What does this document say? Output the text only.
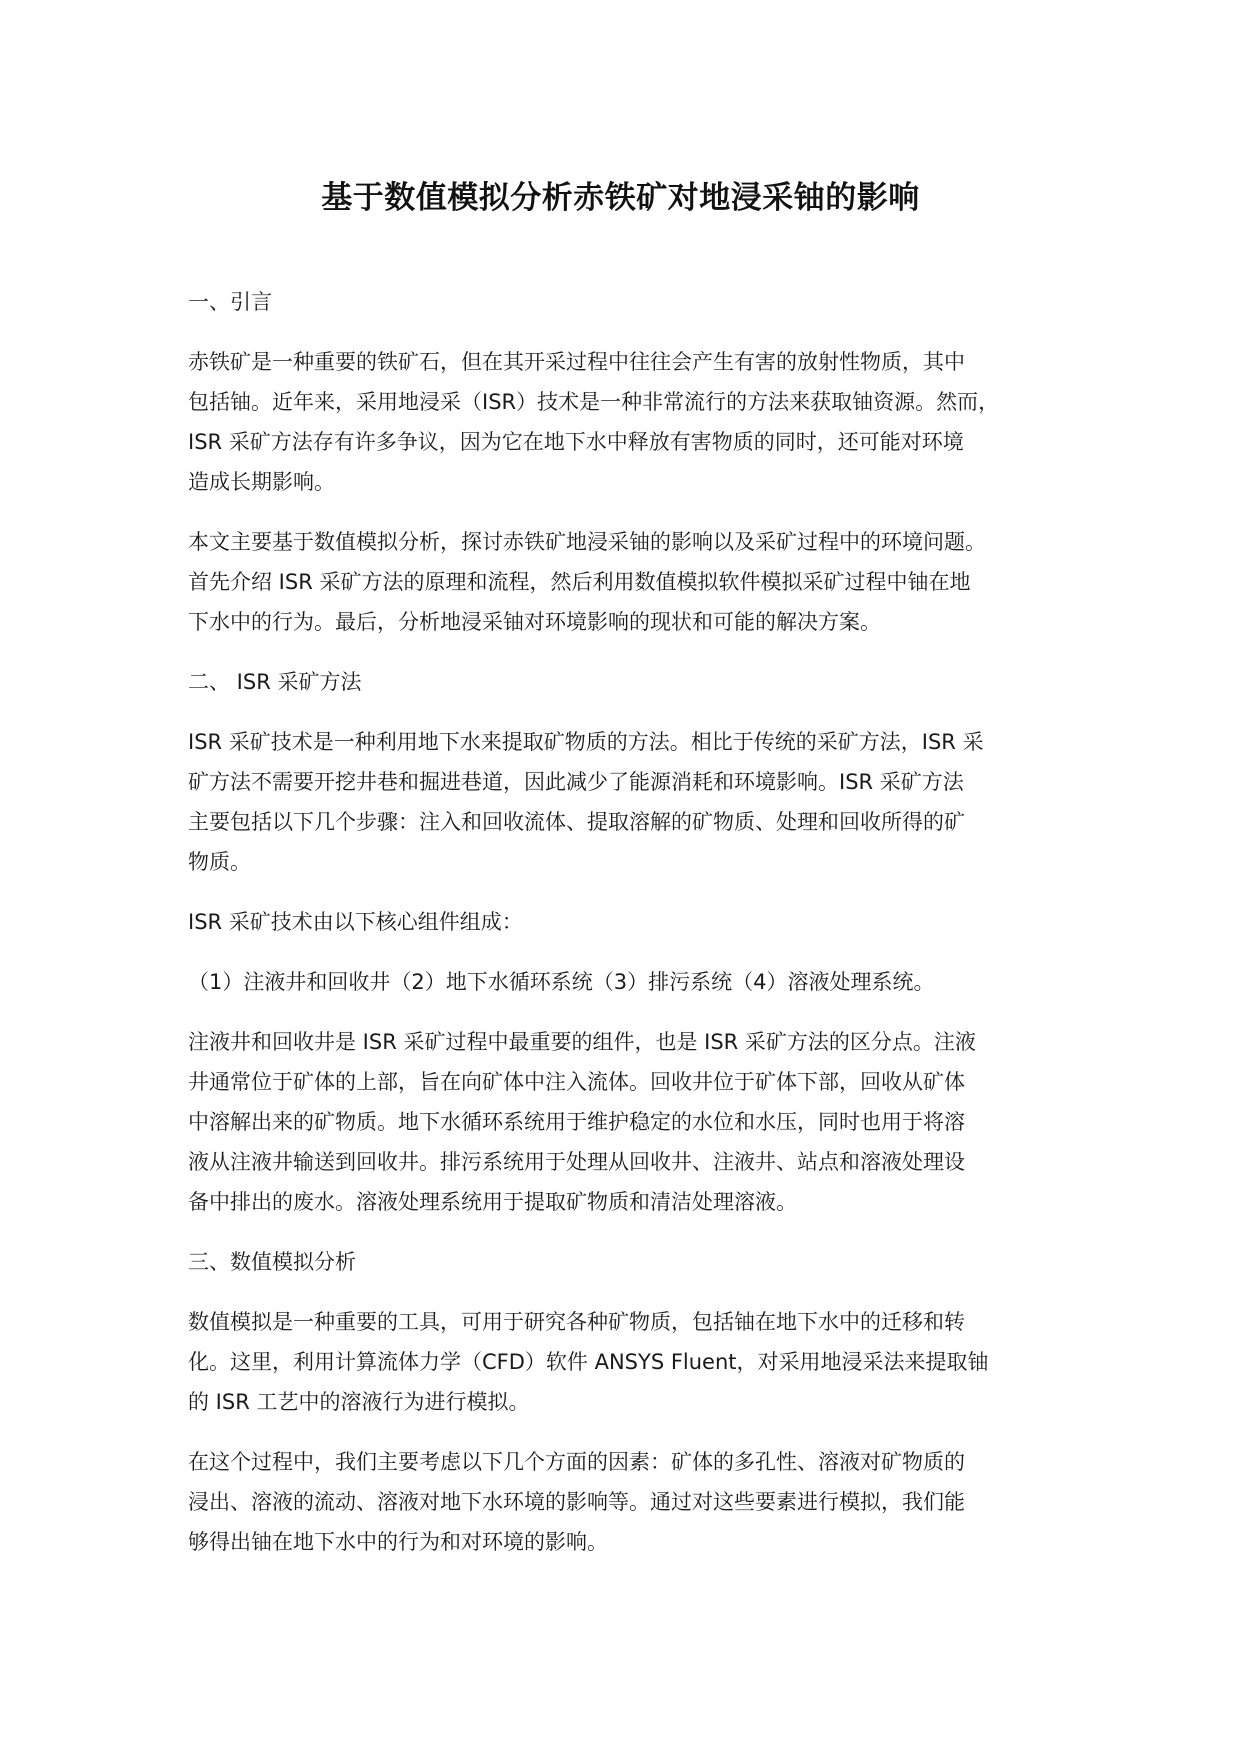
基于数值模拟分析赤铁矿对地浸采铀的影响
一、引言

赤铁矿是一种重要的铁矿石，但在其开采过程中往往会产生有害的放射性物质，其中
包括铀。近年来，采用地浸采（ISR）技术是一种非常流行的方法来获取铀资源。然而，
ISR 采矿方法存有许多争议，因为它在地下水中释放有害物质的同时，还可能对环境
造成长期影响。

本文主要基于数值模拟分析，探讨赤铁矿地浸采铀的影响以及采矿过程中的环境问题。
首先介绍 ISR 采矿方法的原理和流程，然后利用数值模拟软件模拟采矿过程中铀在地
下水中的行为。最后，分析地浸采铀对环境影响的现状和可能的解决方案。

二、 ISR 采矿方法

ISR 采矿技术是一种利用地下水来提取矿物质的方法。相比于传统的采矿方法，ISR 采
矿方法不需要开挖井巷和掘进巷道，因此减少了能源消耗和环境影响。ISR 采矿方法
主要包括以下几个步骤：注入和回收流体、提取溶解的矿物质、处理和回收所得的矿
物质。

ISR 采矿技术由以下核心组件组成：

（1）注液井和回收井（2）地下水循环系统（3）排污系统（4）溶液处理系统。

注液井和回收井是 ISR 采矿过程中最重要的组件，也是 ISR 采矿方法的区分点。注液
井通常位于矿体的上部，旨在向矿体中注入流体。回收井位于矿体下部，回收从矿体
中溶解出来的矿物质。地下水循环系统用于维护稳定的水位和水压，同时也用于将溶
液从注液井输送到回收井。排污系统用于处理从回收井、注液井、站点和溶液处理设
备中排出的废水。溶液处理系统用于提取矿物质和清洁处理溶液。

三、数值模拟分析

数值模拟是一种重要的工具，可用于研究各种矿物质，包括铀在地下水中的迁移和转
化。这里，利用计算流体力学（CFD）软件 ANSYS Fluent，对采用地浸采法来提取铀
的 ISR 工艺中的溶液行为进行模拟。

在这个过程中，我们主要考虑以下几个方面的因素：矿体的多孔性、溶液对矿物质的
浸出、溶液的流动、溶液对地下水环境的影响等。通过对这些要素进行模拟，我们能
够得出铀在地下水中的行为和对环境的影响。
